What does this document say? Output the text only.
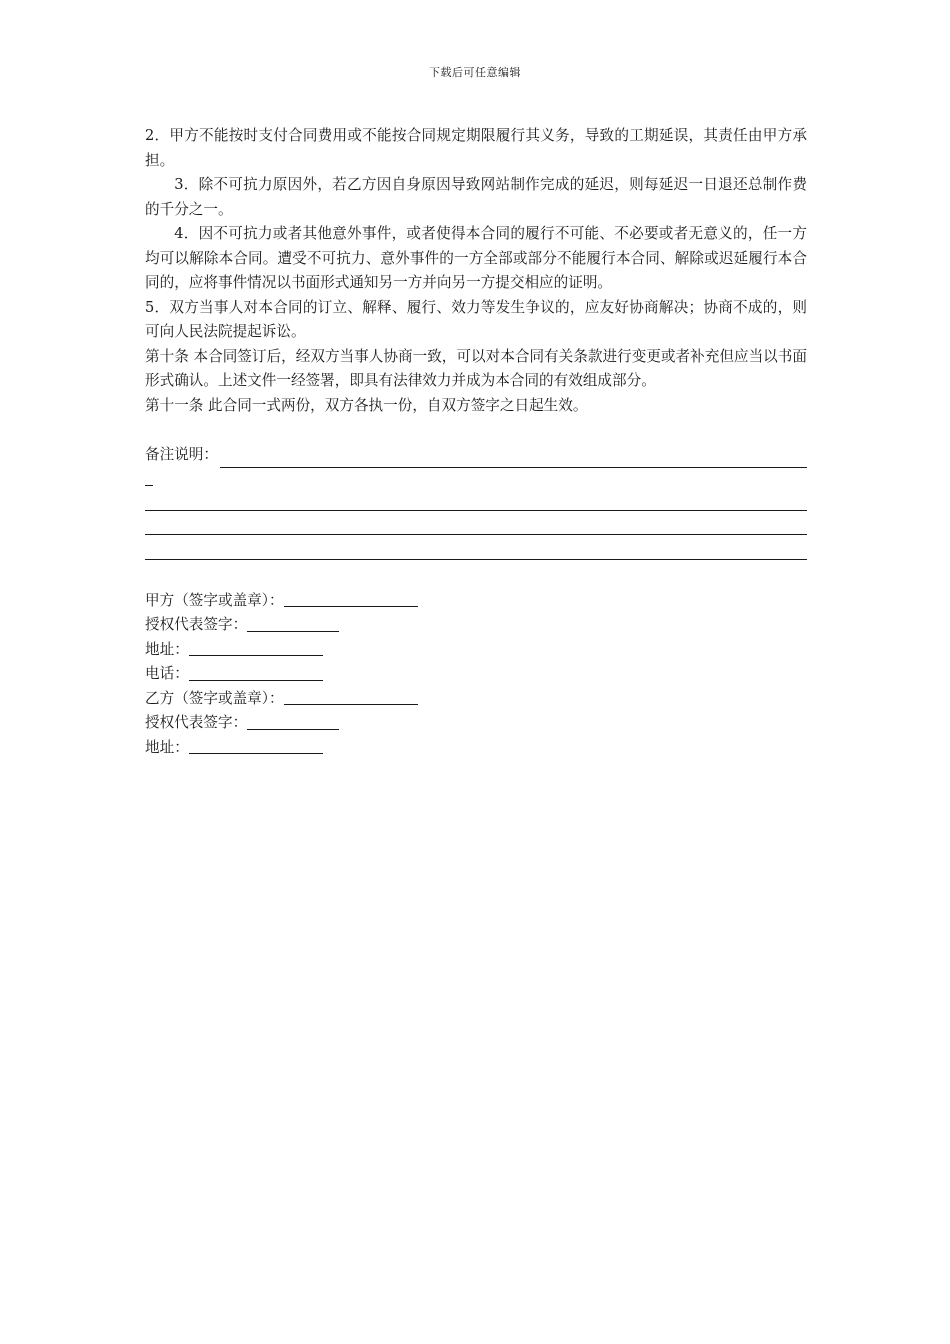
下载后可任意编辑

2．甲方不能按时支付合同费用或不能按合同规定期限履行其义务，导致的工期延误，其责任由甲方承担。

3．除不可抗力原因外，若乙方因自身原因导致网站制作完成的延迟，则每延迟一日退还总制作费的千分之一。

4．因不可抗力或者其他意外事件，或者使得本合同的履行不可能、不必要或者无意义的，任一方均可以解除本合同。遭受不可抗力、意外事件的一方全部或部分不能履行本合同、解除或迟延履行本合同的，应将事件情况以书面形式通知另一方并向另一方提交相应的证明。

5．双方当事人对本合同的订立、解释、履行、效力等发生争议的，应友好协商解决；协商不成的，则可向人民法院提起诉讼。

第十条 本合同签订后，经双方当事人协商一致，可以对本合同有关条款进行变更或者补充但应当以书面形式确认。上述文件一经签署，即具有法律效力并成为本合同的有效组成部分。

第十一条 此合同一式两份，双方各执一份，自双方签字之日起生效。

备注说明：
甲方（签字或盖章）：
授权代表签字：
地址：
电话：
乙方（签字或盖章）：
授权代表签字：
地址：
